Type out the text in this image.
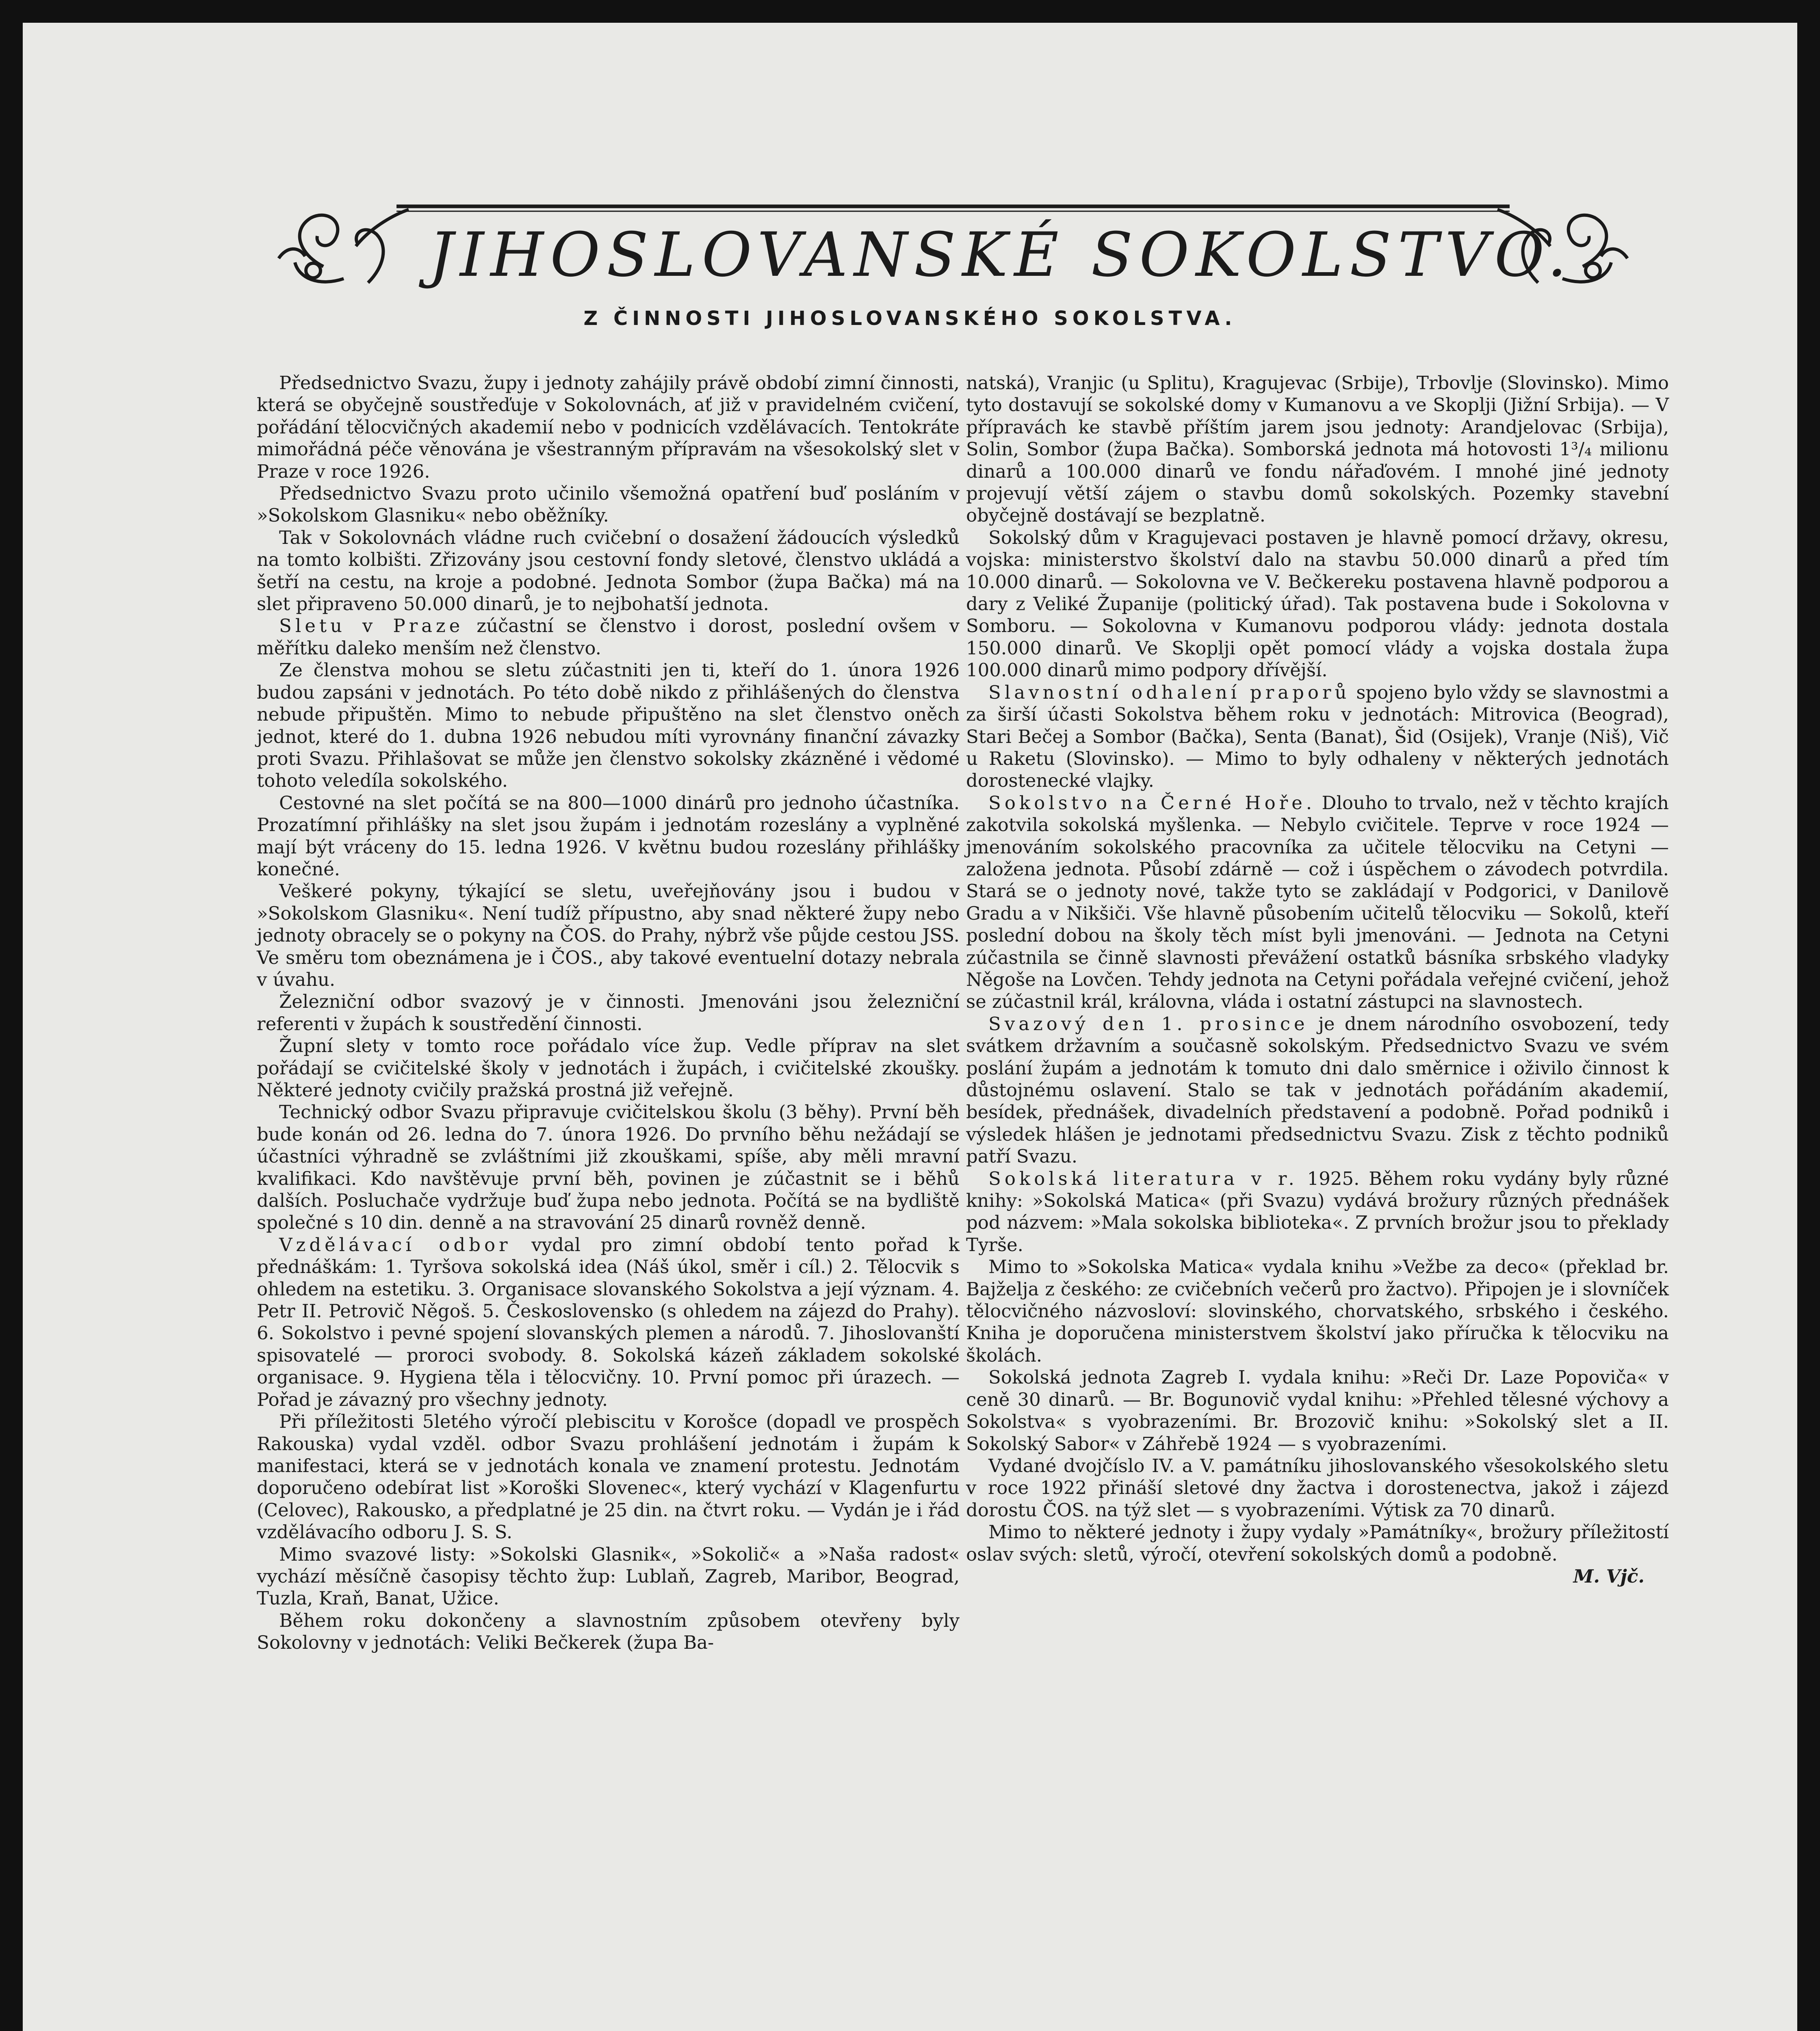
JIHOSLOVANSKÉ SOKOLSTVO.
Z ČINNOSTI JIHOSLOVANSKÉHO SOKOLSTVA.

Předsednictvo Svazu, župy i jednoty zahájily právě období zimní činnosti, která se obyčejně soustřeďuje v Sokolovnách, ať již v pravidelném cvičení, pořádání tělocvičných akademií nebo v podnicích vzdělávacích. Tentokráte mimořádná péče věnována je všestranným přípravám na všesokolský slet v Praze v roce 1926.

Předsednictvo Svazu proto učinilo všemožná opatření buď posláním v »Sokolskom Glasniku« nebo oběžníky.

Tak v Sokolovnách vládne ruch cvičební o dosažení žádoucích výsledků na tomto kolbišti. Zřizovány jsou cestovní fondy sletové, členstvo ukládá a šetří na cestu, na kroje a podobné. Jednota Sombor (župa Bačka) má na slet připraveno 50.000 dinarů, je to nejbohatší jednota.

Sletu v Praze zúčastní se členstvo i dorost, poslední ovšem v měřítku daleko menším než členstvo.

Ze členstva mohou se sletu zúčastniti jen ti, kteří do 1. února 1926 budou zapsáni v jednotách. Po této době nikdo z přihlášených do členstva nebude připuštěn. Mimo to nebude připuštěno na slet členstvo oněch jednot, které do 1. dubna 1926 nebudou míti vyrovnány finanční závazky proti Svazu. Přihlašovat se může jen členstvo sokolsky zkázněné i vědomé tohoto veledíla sokolského.

Cestovné na slet počítá se na 800—1000 dinárů pro jednoho účastníka. Prozatímní přihlášky na slet jsou župám i jednotám rozeslány a vyplněné mají být vráceny do 15. ledna 1926. V květnu budou rozeslány přihlášky konečné.

Veškeré pokyny, týkající se sletu, uveřejňovány jsou i budou v »Sokolskom Glasniku«. Není tudíž přípustno, aby snad některé župy nebo jednoty obracely se o pokyny na ČOS. do Prahy, nýbrž vše půjde cestou JSS. Ve směru tom obeznámena je i ČOS., aby takové eventuelní dotazy nebrala v úvahu.

Železniční odbor svazový je v činnosti. Jmenováni jsou železniční referenti v župách k soustředění činnosti.

Župní slety v tomto roce pořádalo více žup. Vedle příprav na slet pořádají se cvičitelské školy v jednotách i župách, i cvičitelské zkoušky. Některé jednoty cvičily pražská prostná již veřejně.

Technický odbor Svazu připravuje cvičitelskou školu (3 běhy). První běh bude konán od 26. ledna do 7. února 1926. Do prvního běhu nežádají se účastníci výhradně se zvláštními již zkouškami, spíše, aby měli mravní kvalifikaci. Kdo navštěvuje první běh, povinen je zúčastnit se i běhů dalších. Posluchače vydržuje buď župa nebo jednota. Počítá se na bydliště společné s 10 din. denně a na stravování 25 dinarů rovněž denně.

Vzdělávací odbor vydal pro zimní období tento pořad k přednáškám: 1. Tyršova sokolská idea (Náš úkol, směr i cíl.) 2. Tělocvik s ohledem na estetiku. 3. Organisace slovanského Sokolstva a její význam. 4. Petr II. Petrovič Něgoš. 5. Československo (s ohledem na zájezd do Prahy). 6. Sokolstvo i pevné spojení slovanských plemen a národů. 7. Jihoslovanští spisovatelé — proroci svobody. 8. Sokolská kázeň základem sokolské organisace. 9. Hygiena těla i tělocvičny. 10. První pomoc při úrazech. — Pořad je závazný pro všechny jednoty.

Při příležitosti 5letého výročí plebiscitu v Korošce (dopadl ve prospěch Rakouska) vydal vzděl. odbor Svazu prohlášení jednotám i župám k manifestaci, která se v jednotách konala ve znamení protestu. Jednotám doporučeno odebírat list »Koroški Slovenec«, který vychází v Klagenfurtu (Celovec), Rakousko, a předplatné je 25 din. na čtvrt roku. — Vydán je i řád vzdělávacího odboru J. S. S.

Mimo svazové listy: »Sokolski Glasnik«, »Sokolič« a »Naša radost« vychází měsíčně časopisy těchto žup: Lublaň, Zagreb, Maribor, Beograd, Tuzla, Kraň, Banat, Užice.

Během roku dokončeny a slavnostním způsobem otevřeny byly Sokolovny v jednotách: Veliki Bečkerek (župa Ba-

natská), Vranjic (u Splitu), Kragujevac (Srbije), Trbovlje (Slovinsko). Mimo tyto dostavují se sokolské domy v Kumanovu a ve Skoplji (Jižní Srbija). — V přípravách ke stavbě příštím jarem jsou jednoty: Arandjelovac (Srbija), Solin, Sombor (župa Bačka). Somborská jednota má hotovosti 1³/₄ milionu dinarů a 100.000 dinarů ve fondu nářaďovém. I mnohé jiné jednoty projevují větší zájem o stavbu domů sokolských. Pozemky stavební obyčejně dostávají se bezplatně.

Sokolský dům v Kragujevaci postaven je hlavně pomocí državy, okresu, vojska: ministerstvo školství dalo na stavbu 50.000 dinarů a před tím 10.000 dinarů. — Sokolovna ve V. Bečkereku postavena hlavně podporou a dary z Veliké Županije (politický úřad). Tak postavena bude i Sokolovna v Somboru. — Sokolovna v Kumanovu podporou vlády: jednota dostala 150.000 dinarů. Ve Skoplji opět pomocí vlády a vojska dostala župa 100.000 dinarů mimo podpory dřívější.

Slavnostní odhalení praporů spojeno bylo vždy se slavnostmi a za širší účasti Sokolstva během roku v jednotách: Mitrovica (Beograd), Stari Bečej a Sombor (Bačka), Senta (Banat), Šid (Osijek), Vranje (Niš), Vič u Raketu (Slovinsko). — Mimo to byly odhaleny v některých jednotách dorostenecké vlajky.

Sokolstvo na Černé Hoře. Dlouho to trvalo, než v těchto krajích zakotvila sokolská myšlenka. — Nebylo cvičitele. Teprve v roce 1924 — jmenováním sokolského pracovníka za učitele tělocviku na Cetyni — založena jednota. Působí zdárně — což i úspěchem o závodech potvrdila. Stará se o jednoty nové, takže tyto se zakládají v Podgorici, v Danilově Gradu a v Nikšiči. Vše hlavně působením učitelů tělocviku — Sokolů, kteří poslední dobou na školy těch míst byli jmenováni. — Jednota na Cetyni zúčastnila se činně slavnosti převážení ostatků básníka srbského vladyky Něgoše na Lovčen. Tehdy jednota na Cetyni pořádala veřejné cvičení, jehož se zúčastnil král, královna, vláda i ostatní zástupci na slavnostech.

Svazový den 1. prosince je dnem národního osvobození, tedy svátkem državním a současně sokolským. Předsednictvo Svazu ve svém poslání župám a jednotám k tomuto dni dalo směrnice i oživilo činnost k důstojnému oslavení. Stalo se tak v jednotách pořádáním akademií, besídek, přednášek, divadelních představení a podobně. Pořad podniků i výsledek hlášen je jednotami předsednictvu Svazu. Zisk z těchto podniků patří Svazu.

Sokolská literatura v r. 1925. Během roku vydány byly různé knihy: »Sokolská Matica« (při Svazu) vydává brožury různých přednášek pod názvem: »Mala sokolska biblioteka«. Z prvních brožur jsou to překlady Tyrše.

Mimo to »Sokolska Matica« vydala knihu »Vežbe za deco« (překlad br. Bajželja z českého: ze cvičebních večerů pro žactvo). Připojen je i slovníček tělocvičného názvosloví: slovinského, chorvatského, srbského i českého. Kniha je doporučena ministerstvem školství jako příručka k tělocviku na školách.

Sokolská jednota Zagreb I. vydala knihu: »Reči Dr. Laze Popoviča« v ceně 30 dinarů. — Br. Bogunovič vydal knihu: »Přehled tělesné výchovy a Sokolstva« s vyobrazeními. Br. Brozovič knihu: »Sokolský slet a II. Sokolský Sabor« v Záhřebě 1924 — s vyobrazeními.

Vydané dvojčíslo IV. a V. památníku jihoslovanského všesokolského sletu v roce 1922 přináší sletové dny žactva i dorostenectva, jakož i zájezd dorostu ČOS. na týž slet — s vyobrazeními. Výtisk za 70 dinarů.

Mimo to některé jednoty i župy vydaly »Památníky«, brožury příležitostí oslav svých: sletů, výročí, otevření sokolských domů a podobně.
M. Vjč.
